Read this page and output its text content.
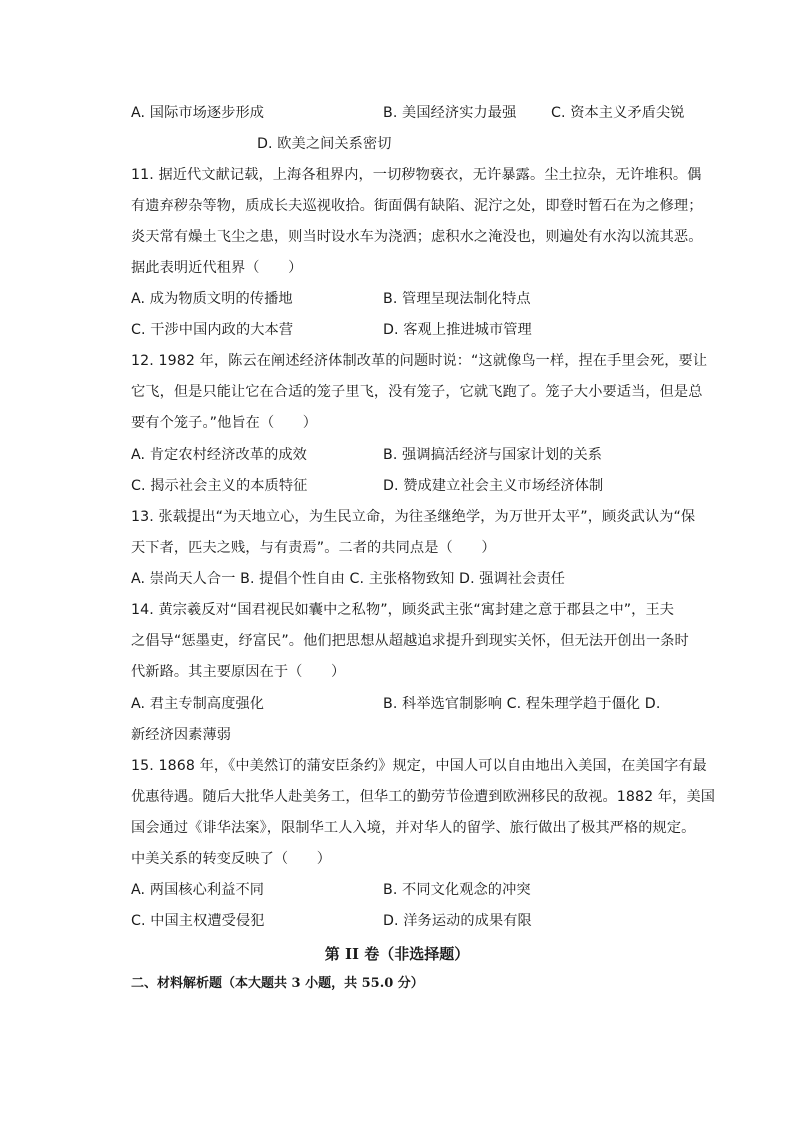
A. 国际市场逐步形成	B. 美国经济实力最强 C. 资本主义矛盾尖锐
D. 欧美之间关系密切
11. 据近代文献记载，上海各租界内，一切秽物亵衣，无许暴露。尘土拉杂，无许堆积。偶
有遗弃秽杂等物，质成长夫巡视收拾。街面偶有缺陷、泥泞之处，即登时暂石在为之修理；
炎天常有燥土飞尘之患，则当时设水车为浇洒；虑积水之淹没也，则遍处有水沟以流其恶。
据此表明近代租界（　　）
A. 成为物质文明的传播地	B. 管理呈现法制化特点
C. 干涉中国内政的大本营	D. 客观上推进城市管理
12. 1982 年，陈云在阐述经济体制改革的问题时说：“这就像鸟一样，捏在手里会死，要让
它飞，但是只能让它在合适的笼子里飞，没有笼子，它就飞跑了。笼子大小要适当，但是总
要有个笼子。”他旨在（　　）
A. 肯定农村经济改革的成效	B. 强调搞活经济与国家计划的关系
C. 揭示社会主义的本质特征	D. 赞成建立社会主义市场经济体制
13. 张载提出“为天地立心，为生民立命，为往圣继绝学，为万世开太平”，顾炎武认为“保
天下者，匹夫之贱，与有责焉”。二者的共同点是（　　）
A. 崇尚天人合一 B. 提倡个性自由 C. 主张格物致知 D. 强调社会责任
14. 黄宗羲反对“国君视民如囊中之私物”，顾炎武主张“寓封建之意于郡县之中”，王夫
之倡导“惩墨吏，纾富民”。他们把思想从超越追求提升到现实关怀，但无法开创出一条时
代新路。其主要原因在于（　　）
A. 君主专制高度强化	B. 科举选官制影响 C. 程朱理学趋于僵化 D.
新经济因素薄弱
15. 1868 年，《中美然订的蒲安臣条约》规定，中国人可以自由地出入美国，在美国字有最
优惠待遇。随后大批华人赴美务工，但华工的勤劳节俭遭到欧洲移民的敌视。1882 年，美国
国会通过《诽华法案》，限制华工人入境，并对华人的留学、旅行做出了极其严格的规定。
中美关系的转变反映了（　　）
A. 两国核心利益不同	B. 不同文化观念的冲突
C. 中国主权遭受侵犯	D. 洋务运动的成果有限
第 II 卷（非选择题）
二、材料解析题（本大题共 3 小题，共 55.0 分）
